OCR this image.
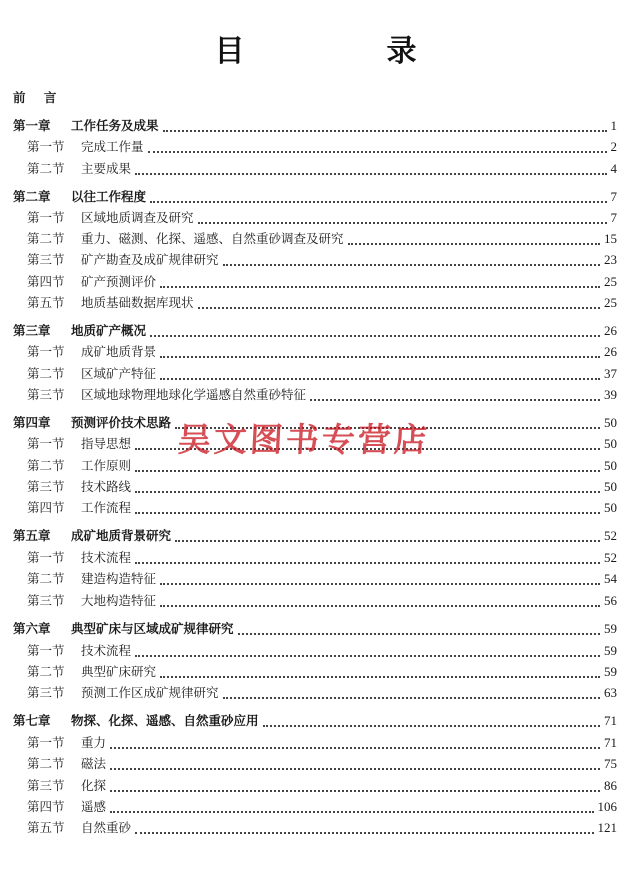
目　录
前 言
第一章	工作任务及成果	1
第一节	完成工作量	2
第二节	主要成果	4
第二章	以往工作程度	7
第一节	区域地质调查及研究	7
第二节	重力、磁测、化探、遥感、自然重砂调查及研究	15
第三节	矿产勘查及成矿规律研究	23
第四节	矿产预测评价	25
第五节	地质基础数据库现状	25
第三章	地质矿产概况	26
第一节	成矿地质背景	26
第二节	区域矿产特征	37
第三节	区域地球物理地球化学遥感自然重砂特征	39
第四章	预测评价技术思路	50
第一节	指导思想	50
第二节	工作原则	50
第三节	技术路线	50
第四节	工作流程	50
第五章	成矿地质背景研究	52
第一节	技术流程	52
第二节	建造构造特征	54
第三节	大地构造特征	56
第六章	典型矿床与区域成矿规律研究	59
第一节	技术流程	59
第二节	典型矿床研究	59
第三节	预测工作区成矿规律研究	63
第七章	物探、化探、遥感、自然重砂应用	71
第一节	重力	71
第二节	磁法	75
第三节	化探	86
第四节	遥感	106
第五节	自然重砂	121
吴文图书专营店
